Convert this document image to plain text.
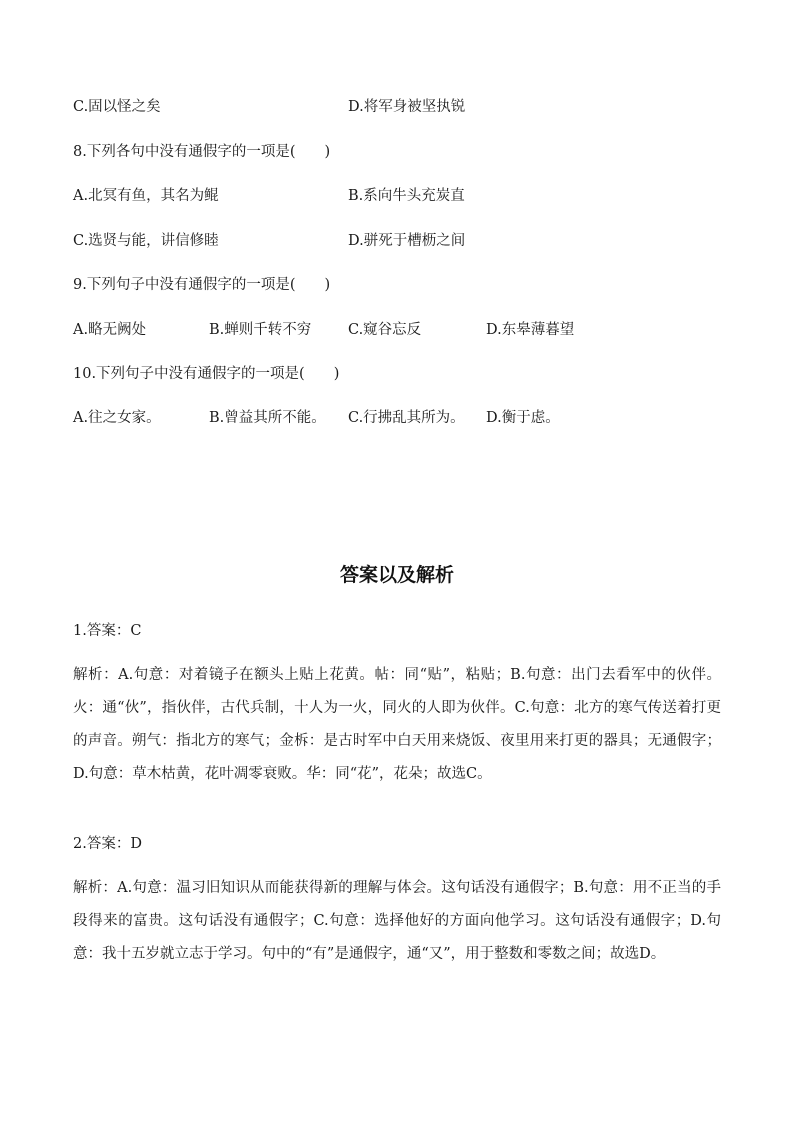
C.固以怪之矣	D.将军身被坚执锐
8.下列各句中没有通假字的一项是(　　)
A.北冥有鱼，其名为鲲	B.系向牛头充炭直
C.选贤与能，讲信修睦	D.骈死于槽枥之间
9.下列句子中没有通假字的一项是(　　)
A.略无阙处	B.蝉则千转不穷	C.窥谷忘反	D.东皋薄暮望
10.下列句子中没有通假字的一项是(　　)
A.往之女家。	B.曾益其所不能。 C.行拂乱其所为。 D.衡于虑。
答案以及解析
1.答案：C
解析：A.句意：对着镜子在额头上贴上花黄。帖：同“贴”，粘贴；B.句意：出门去看军中的伙伴。火：通“伙”，指伙伴，古代兵制，十人为一火，同火的人即为伙伴。C.句意：北方的寒气传送着打更的声音。朔气：指北方的寒气；金柝：是古时军中白天用来烧饭、夜里用来打更的器具；无通假字；D.句意：草木枯黄，花叶凋零衰败。华：同“花”，花朵；故选C。
2.答案：D
解析：A.句意：温习旧知识从而能获得新的理解与体会。这句话没有通假字；B.句意：用不正当的手段得来的富贵。这句话没有通假字；C.句意：选择他好的方面向他学习。这句话没有通假字；D.句意：我十五岁就立志于学习。句中的“有”是通假字，通“又”，用于整数和零数之间；故选D。
